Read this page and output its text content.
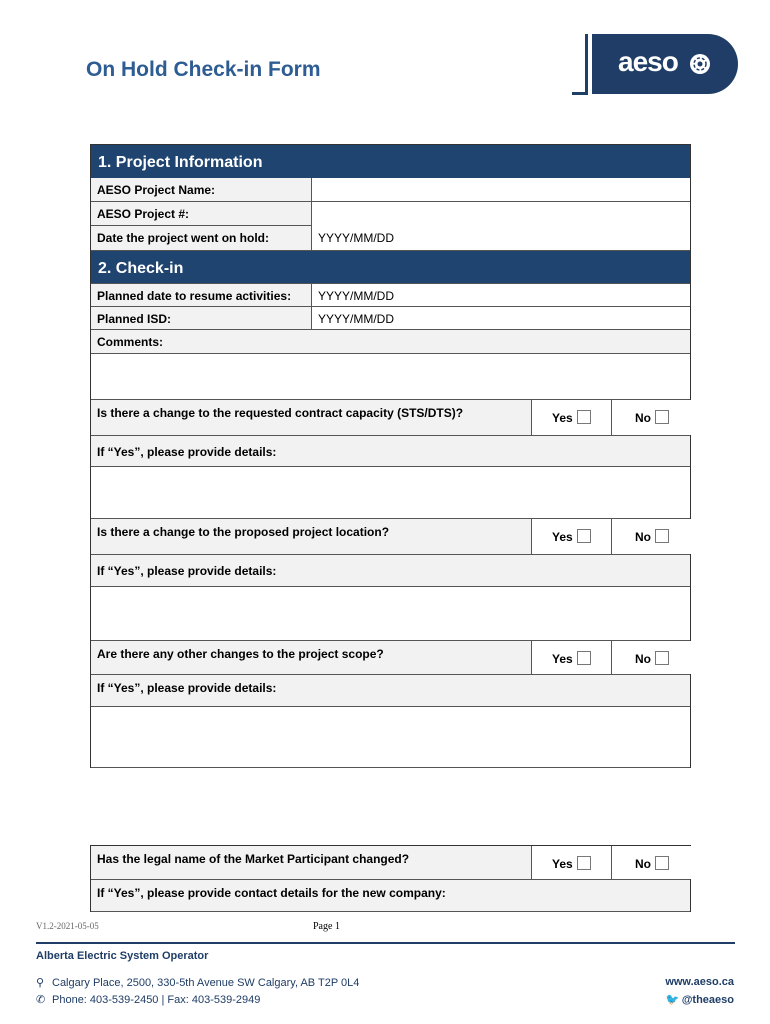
On Hold Check-in Form	aeso
1. Project Information
AESO Project Name:
AESO Project #:
Date the project went on hold:	YYYY/MM/DD
2. Check-in
Planned date to resume activities:	YYYY/MM/DD
Planned ISD:	YYYY/MM/DD
Comments:
Is there a change to the requested contract capacity (STS/DTS)?	Yes	No
If “Yes”, please provide details:
Is there a change to the proposed project location?	Yes	No
If “Yes”, please provide details:
Are there any other changes to the project scope?	Yes	No
If “Yes”, please provide details:
Has the legal name of the Market Participant changed?	Yes	No
If “Yes”, please provide contact details for the new company:
V1.2-2021-05-05	Page 1
Alberta Electric System Operator
⚲ Calgary Place, 2500, 330-5th Avenue SW Calgary, AB T2P 0L4
✆ Phone: 403-539-2450 | Fax: 403-539-2949
www.aeso.ca
🐦 @theaeso
